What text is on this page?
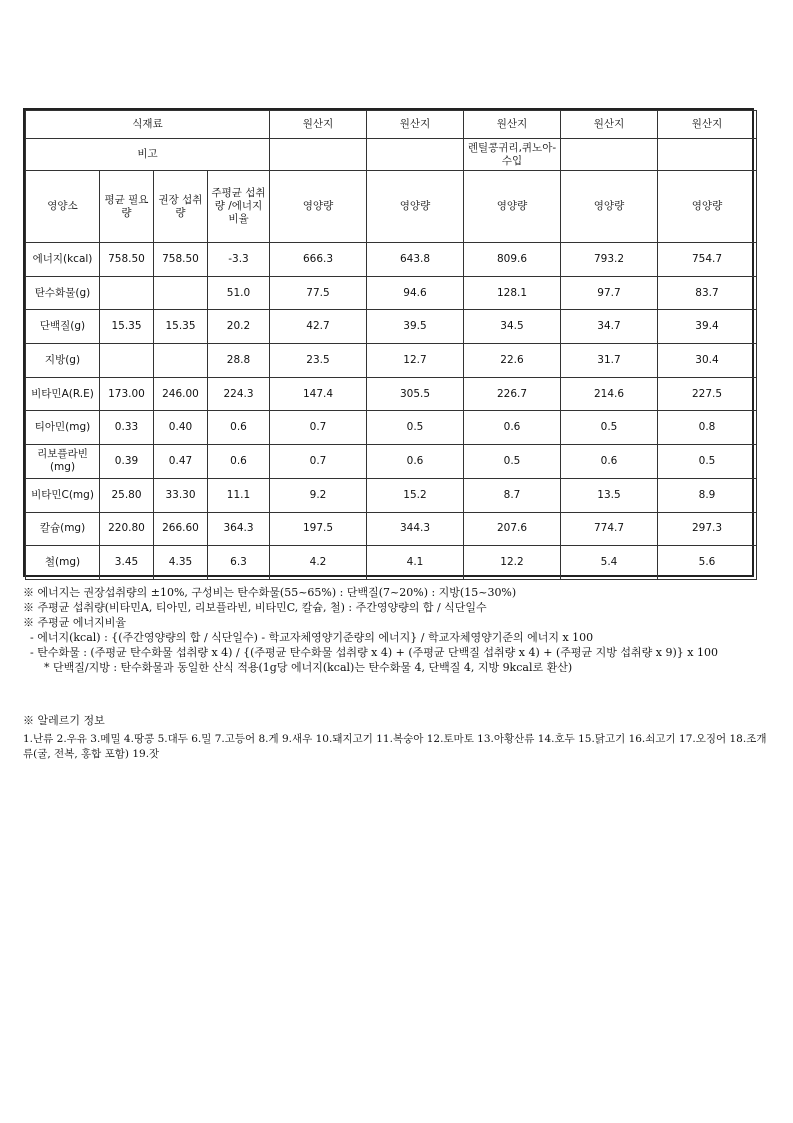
식재료				원산지	원산지	원산지	원산지	원산지
비고						렌틸콩귀리,퀴노아-수입		
영양소	평균 필요량	권장 섭취량	주평균 섭취량 /에너지 비율	영양량	영양량	영양량	영양량	영양량
에너지(kcal)	758.50	758.50	-3.3	666.3	643.8	809.6	793.2	754.7
탄수화물(g)			51.0	77.5	94.6	128.1	97.7	83.7
단백질(g)	15.35	15.35	20.2	42.7	39.5	34.5	34.7	39.4
지방(g)			28.8	23.5	12.7	22.6	31.7	30.4
비타민A(R.E)	173.00	246.00	224.3	147.4	305.5	226.7	214.6	227.5
티아민(mg)	0.33	0.40	0.6	0.7	0.5	0.6	0.5	0.8
리보플라빈 (mg)	0.39	0.47	0.6	0.7	0.6	0.5	0.6	0.5
비타민C(mg)	25.80	33.30	11.1	9.2	15.2	8.7	13.5	8.9
칼슘(mg)	220.80	266.60	364.3	197.5	344.3	207.6	774.7	297.3
철(mg)	3.45	4.35	6.3	4.2	4.1	12.2	5.4	5.6
※ 에너지는 권장섭취량의 ±10%, 구성비는 탄수화물(55~65%) : 단백질(7~20%) : 지방(15~30%)
※ 주평균 섭취량(비타민A, 티아민, 리보플라빈, 비타민C, 칼슘, 철) : 주간영양량의 합 / 식단일수
※ 주평균 에너지비율
- 에너지(kcal) : {(주간영양량의 합 / 식단일수) - 학교자체영양기준량의 에너지} / 학교자체영양기준의 에너지 x 100
- 탄수화물 : (주평균 탄수화물 섭취량 x 4) / {(주평균 탄수화물 섭취량 x 4) + (주평균 단백질 섭취량 x 4) + (주평균 지방 섭취량 x 9)} x 100
* 단백질/지방 : 탄수화물과 동일한 산식 적용(1g당 에너지(kcal)는 탄수화물 4, 단백질 4, 지방 9kcal로 환산)
※ 알레르기 정보
1.난류 2.우유 3.메밀 4.땅콩 5.대두 6.밀 7.고등어 8.게 9.새우 10.돼지고기 11.복숭아 12.토마토 13.아황산류 14.호두 15.닭고기 16.쇠고기 17.오징어 18.조개류(굴, 전복, 홍합 포함) 19.잣
